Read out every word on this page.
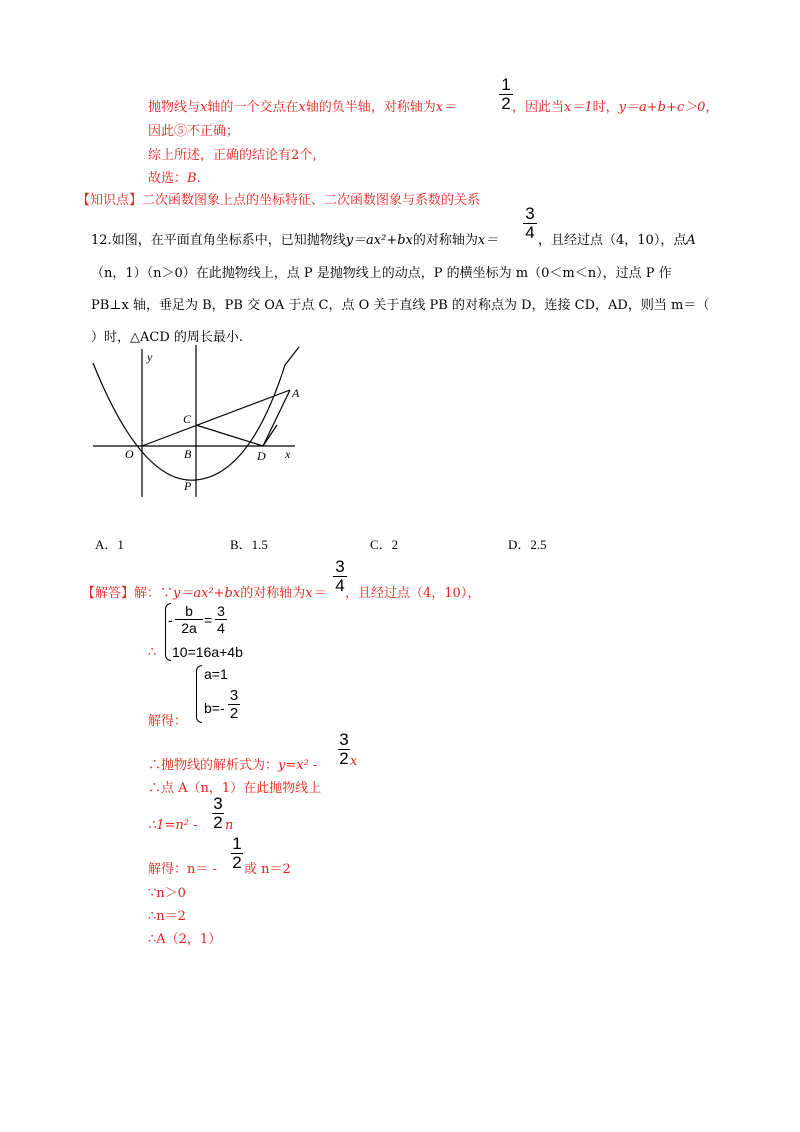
抛物线与x轴的一个交点在x轴的负半轴，对称轴为x＝
1
2 ，因此当x＝1时，y＝a+b+c＞0，
因此⑤不正确；
综上所述，正确的结论有2个，
故选：B.
【知识点】二次函数图象上点的坐标特征、二次函数图象与系数的关系
12.如图，在平面直角坐标系中，已知抛物线y＝ax²+bx的对称轴为x＝
3
4 ，且经过点（4，10），点A
（n，1）（n＞0）在此抛物线上，点 P 是抛物线上的动点，P 的横坐标为 m（0＜m＜n），过点 P 作
PB⊥x 轴，垂足为 B，PB 交 OA 于点 C，点 O 关于直线 PB 的对称点为 D，连接 CD，AD，则当 m＝（
）时，△ACD 的周长最小.
y
x
O	B
C
D
P
A
A．1	B．1.5	C．2	D．2.5
【解答】解：∵y＝ax²+bx的对称轴为x＝
3
4 ，且经过点（4，10），
∴
b
2a =
-
3
4
10=16a+4b
解得：
a=1
b=-
3
2
∴抛物线的解析式为：y=x² -
3
2 x
∴点 A（n，1）在此抛物线上
∴1=n² -
3
2 n
解得：n＝ -
1
2 或 n＝2
∵n＞0
∴n＝2
∴A（2，1）
